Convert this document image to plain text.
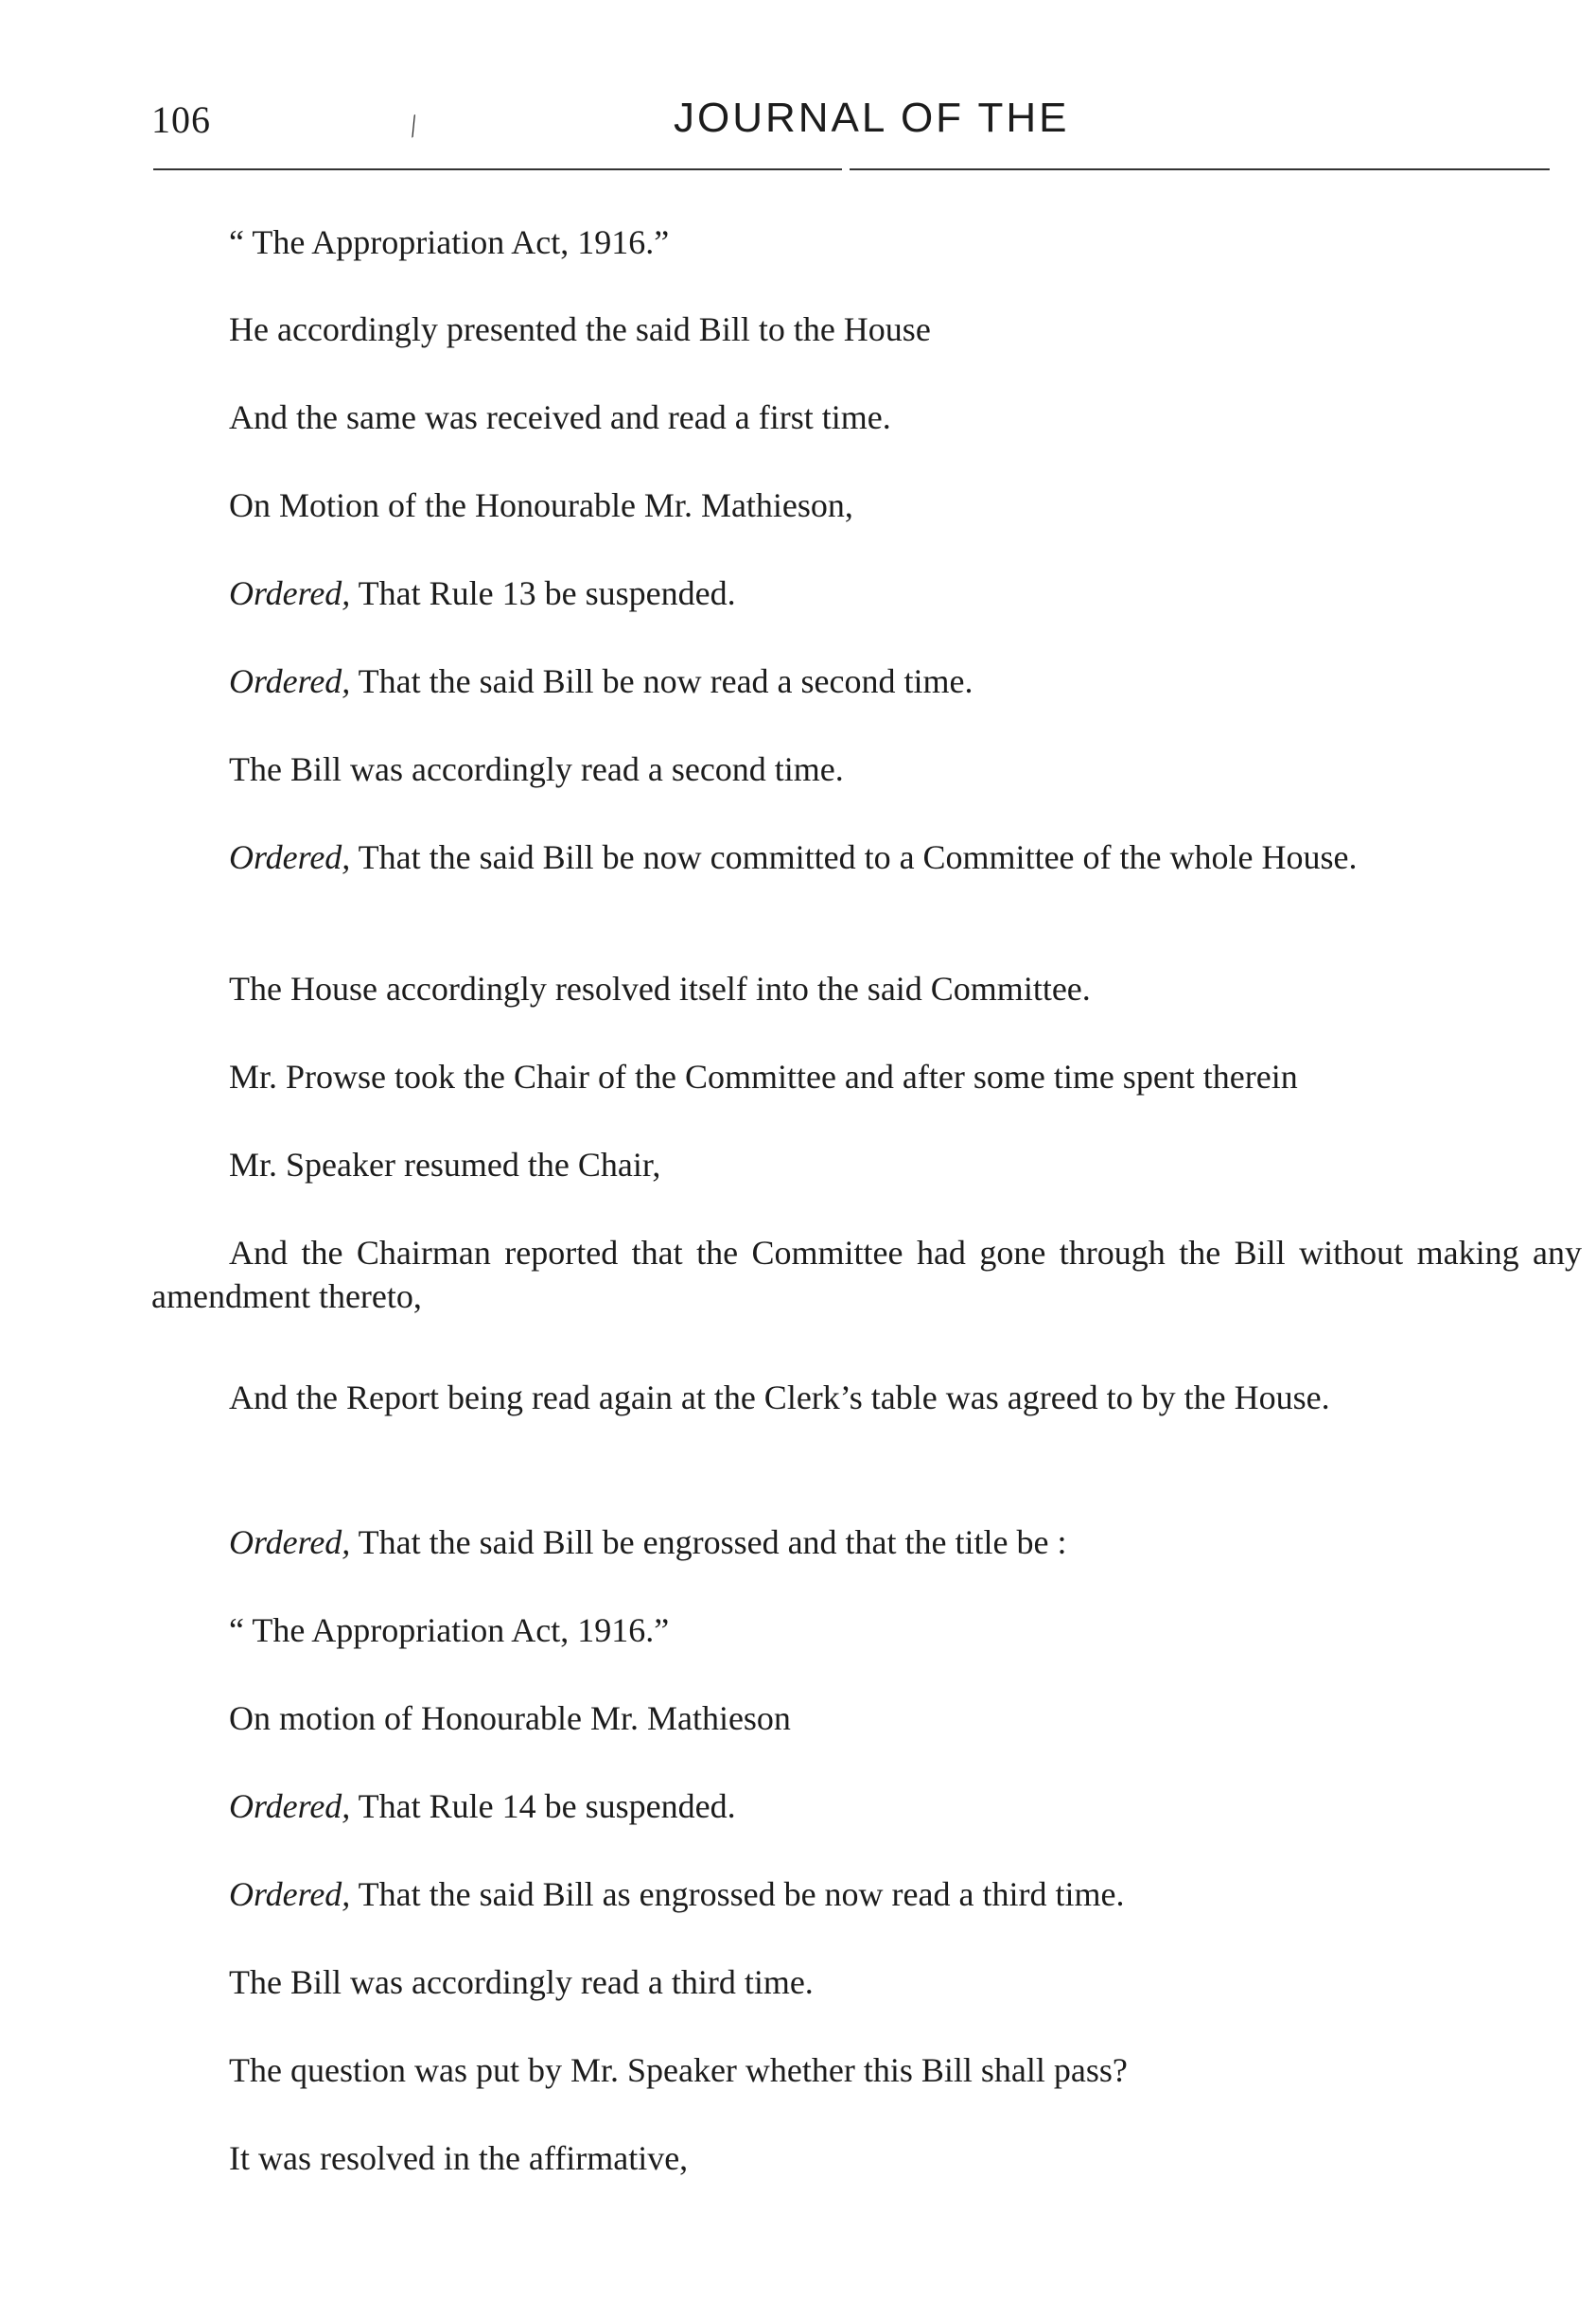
106	⁄	JOURNAL OF THE

“ The Appropriation Act, 1916.”

He accordingly presented the said Bill to the House

And the same was received and read a first time.

On Motion of the Honourable Mr. Mathieson,

Ordered, That Rule 13 be suspended.

Ordered, That the said Bill be now read a second time.

The Bill was accordingly read a second time.

Ordered, That the said Bill be now committed to a Committee of the whole House.

The House accordingly resolved itself into the said Committee.

Mr. Prowse took the Chair of the Committee and after some time spent therein

Mr. Speaker resumed the Chair,

And the Chairman reported that the Committee had gone through the Bill without making any amendment thereto,

And the Report being read again at the Clerk’s table was agreed to by the House.

Ordered, That the said Bill be engrossed and that the title be :

“ The Appropriation Act, 1916.”

On motion of Honourable Mr. Mathieson

Ordered, That Rule 14 be suspended.

Ordered, That the said Bill as engrossed be now read a third time.

The Bill was accordingly read a third time.

The question was put by Mr. Speaker whether this Bill shall pass?

It was resolved in the affirmative,
